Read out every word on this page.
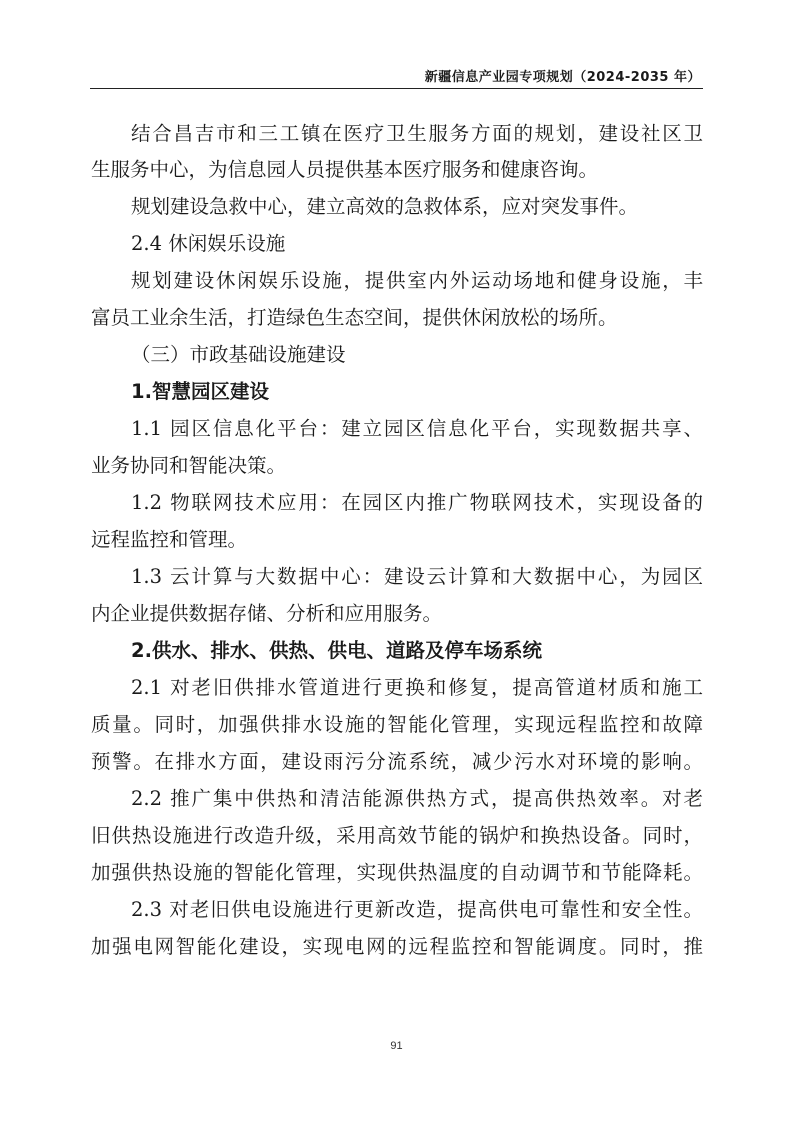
新疆信息产业园专项规划（2024-2035 年）
结合昌吉市和三工镇在医疗卫生服务方面的规划，建设社区卫
生服务中心，为信息园人员提供基本医疗服务和健康咨询。
规划建设急救中心，建立高效的急救体系，应对突发事件。
2.4 休闲娱乐设施
规划建设休闲娱乐设施，提供室内外运动场地和健身设施，丰
富员工业余生活，打造绿色生态空间，提供休闲放松的场所。
（三）市政基础设施建设
1.智慧园区建设
1.1 园区信息化平台：建立园区信息化平台，实现数据共享、
业务协同和智能决策。
1.2 物联网技术应用：在园区内推广物联网技术，实现设备的
远程监控和管理。
1.3 云计算与大数据中心：建设云计算和大数据中心，为园区
内企业提供数据存储、分析和应用服务。
2.供水、排水、供热、供电、道路及停车场系统
2.1 对老旧供排水管道进行更换和修复，提高管道材质和施工
质量。同时，加强供排水设施的智能化管理，实现远程监控和故障
预警。在排水方面，建设雨污分流系统，减少污水对环境的影响。
2.2 推广集中供热和清洁能源供热方式，提高供热效率。对老
旧供热设施进行改造升级，采用高效节能的锅炉和换热设备。同时，
加强供热设施的智能化管理，实现供热温度的自动调节和节能降耗。
2.3 对老旧供电设施进行更新改造，提高供电可靠性和安全性。
加强电网智能化建设，实现电网的远程监控和智能调度。同时，推
91
